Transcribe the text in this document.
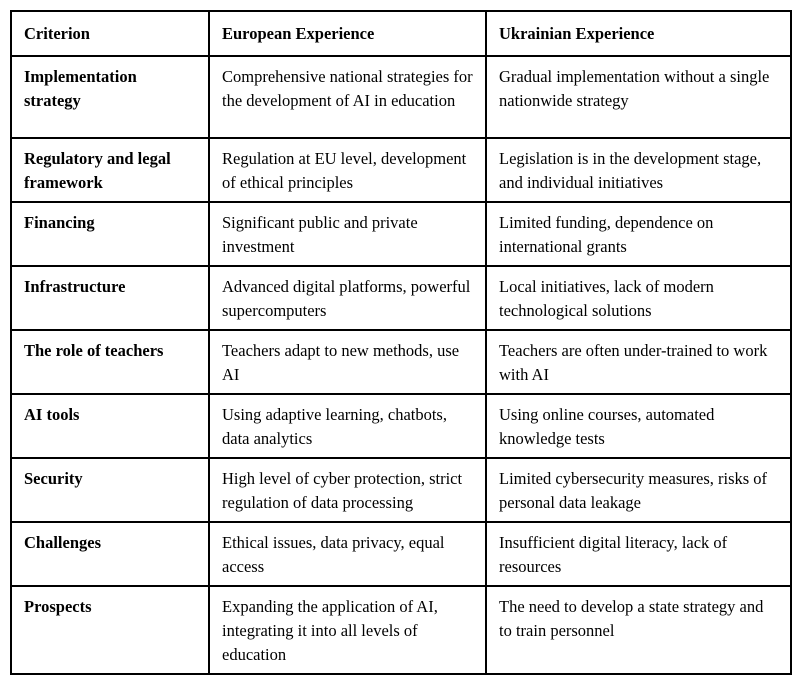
Criterion	European Experience	Ukrainian Experience
Implementation strategy	Comprehensive national strategies for the development of AI in education	Gradual implementation without a single nationwide strategy
Regulatory and legal framework	Regulation at EU level, development of ethical principles	Legislation is in the development stage, and individual initiatives
Financing	Significant public and private investment	Limited funding, dependence on international grants
Infrastructure	Advanced digital platforms, powerful supercomputers	Local initiatives, lack of modern technological solutions
The role of teachers	Teachers adapt to new methods, use AI	Teachers are often under-trained to work with AI
AI tools	Using adaptive learning, chatbots, data analytics	Using online courses, automated knowledge tests
Security	High level of cyber protection, strict regulation of data processing	Limited cybersecurity measures, risks of personal data leakage
Challenges	Ethical issues, data privacy, equal access	Insufficient digital literacy, lack of resources
Prospects	Expanding the application of AI, integrating it into all levels of education	The need to develop a state strategy and to train personnel
